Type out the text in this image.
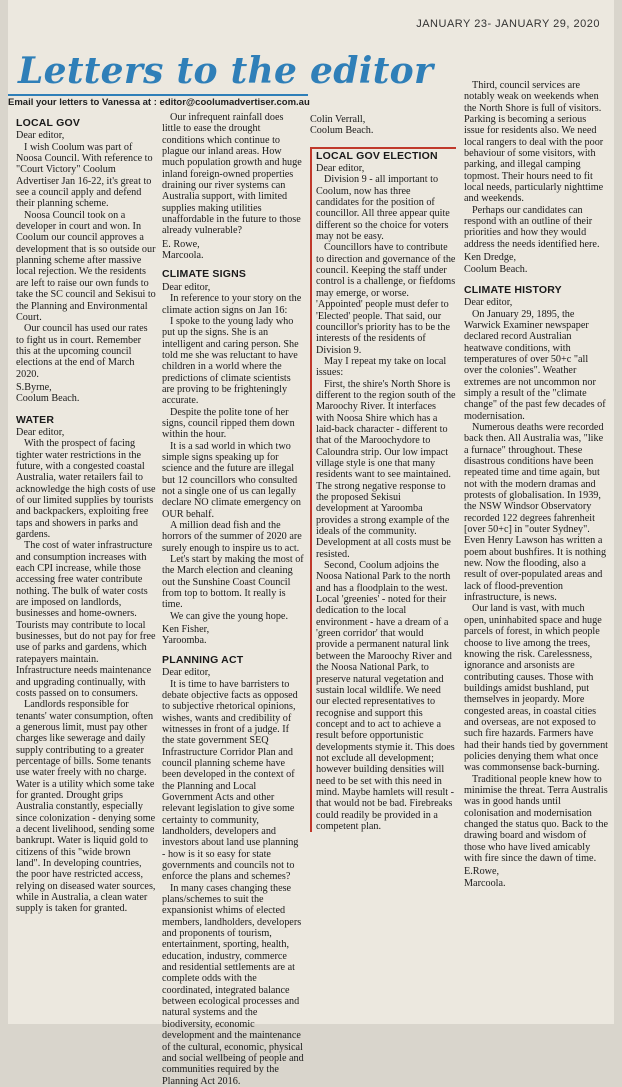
JANUARY 23- JANUARY 29, 2020
Letters to the editor
Email your letters to Vanessa at : editor@coolumadvertiser.com.au
LOCAL GOV

Dear editor,

I wish Coolum was part of Noosa Council. With reference to "Court Victory" Coolum Advertiser Jan 16-22, it's great to see a council apply and defend their planning scheme.

Noosa Council took on a developer in court and won. In Coolum our council approves a development that is so outside our planning scheme after massive local rejection. We the residents are left to raise our own funds to take the SC council and Sekisui to the Planning and Environmental Court.

Our council has used our rates to fight us in court. Remember this at the upcoming council elections at the end of March 2020.

S.Byrne,

Coolum Beach.

WATER

Dear editor,

With the prospect of facing tighter water restrictions in the future, with a congested coastal Australia, water retailers fail to acknowledge the high costs of use of our limited supplies by tourists and backpackers, exploiting free taps and showers in parks and gardens.

The cost of water infrastructure and consumption increases with each CPI increase, while those accessing free water contribute nothing. The bulk of water costs are imposed on landlords, businesses and home-owners. Tourists may contribute to local businesses, but do not pay for free use of parks and gardens, which ratepayers maintain. Infrastructure needs maintenance and upgrading continually, with costs passed on to consumers.

Landlords responsible for tenants' water consumption, often a generous limit, must pay other charges like sewerage and daily supply contributing to a greater percentage of bills. Some tenants use water freely with no charge. Water is a utility which some take for granted. Drought grips Australia constantly, especially since colonization - denying some a decent livelihood, sending some bankrupt. Water is liquid gold to citizens of this "wide brown land". In developing countries, the poor have restricted access, relying on diseased water sources, while in Australia, a clean water supply is taken for granted.

Our infrequent rainfall does little to ease the drought conditions which continue to plague our inland areas. How much population growth and huge inland foreign-owned properties draining our river systems can Australia support, with limited supplies making utilities unaffordable in the future to those already vulnerable?

E. Rowe,

Marcoola.

CLIMATE SIGNS

Dear editor,

In reference to your story on the climate action signs on Jan 16:

I spoke to the young lady who put up the signs. She is an intelligent and caring person. She told me she was reluctant to have children in a world where the predictions of climate scientists are proving to be frighteningly accurate.

Despite the polite tone of her signs, council ripped them down within the hour.

It is a sad world in which two simple signs speaking up for science and the future are illegal but 12 councillors who consulted not a single one of us can legally declare NO climate emergency on OUR behalf.

A million dead fish and the horrors of the summer of 2020 are surely enough to inspire us to act.

Let's start by making the most of the March election and cleaning out the Sunshine Coast Council from top to bottom. It really is time.

We can give the young hope.

Ken Fisher,

Yaroomba.

PLANNING ACT

Dear editor,

It is time to have barristers to debate objective facts as opposed to subjective rhetorical opinions, wishes, wants and credibility of witnesses in front of a judge. If the state government SEQ Infrastructure Corridor Plan and council planning scheme have been developed in the context of the Planning and Local Government Acts and other relevant legislation to give some certainty to community, landholders, developers and investors about land use planning - how is it so easy for state governments and councils not to enforce the plans and schemes?

In many cases changing these plans/schemes to suit the expansionist whims of elected members, landholders, developers and proponents of tourism, entertainment, sporting, health, education, industry, commerce and residential settlements are at complete odds with the coordinated, integrated balance between ecological processes and natural systems and the biodiversity, economic development and the maintenance of the cultural, economic, physical and social wellbeing of people and communities required by the Planning Act 2016.

Colin Verrall,

Coolum Beach.

LOCAL GOV ELECTION

Dear editor,

Division 9 - all important to Coolum, now has three candidates for the position of councillor. All three appear quite different so the choice for voters may not be easy.

Councillors have to contribute to direction and governance of the council. Keeping the staff under control is a challenge, or fiefdoms may emerge, or worse. 'Appointed' people must defer to 'Elected' people. That said, our councillor's priority has to be the interests of the residents of Division 9.

May I repeat my take on local issues:

First, the shire's North Shore is different to the region south of the Maroochy River. It interfaces with Noosa Shire which has a laid-back character - different to that of the Maroochydore to Caloundra strip. Our low impact village style is one that many residents want to see maintained. The strong negative response to the proposed Sekisui development at Yaroomba provides a strong example of the ideals of the community. Development at all costs must be resisted.

Second, Coolum adjoins the Noosa National Park to the north and has a floodplain to the west. Local 'greenies' - noted for their dedication to the local environment - have a dream of a 'green corridor' that would provide a permanent natural link between the Maroochy River and the Noosa National Park, to preserve natural vegetation and sustain local wildlife. We need our elected representatives to recognise and support this concept and to act to achieve a result before opportunistic developments stymie it. This does not exclude all development; however building densities will need to be set with this need in mind. Maybe hamlets will result - that would not be bad. Firebreaks could readily be provided in a competent plan.

Third, council services are notably weak on weekends when the North Shore is full of visitors. Parking is becoming a serious issue for residents also. We need local rangers to deal with the poor behaviour of some visitors, with parking, and illegal camping topmost. Their hours need to fit local needs, particularly nighttime and weekends.

Perhaps our candidates can respond with an outline of their priorities and how they would address the needs identified here.

Ken Dredge,

Coolum Beach.

CLIMATE HISTORY

Dear editor,

On January 29, 1895, the Warwick Examiner newspaper declared record Australian heatwave conditions, with temperatures of over 50+c "all over the colonies". Weather extremes are not uncommon nor simply a result of the "climate change" of the past few decades of modernisation.

Numerous deaths were recorded back then. All Australia was, "like a furnace" throughout. These disastrous conditions have been repeated time and time again, but not with the modern dramas and protests of globalisation. In 1939, the NSW Windsor Observatory recorded 122 degrees fahrenheit [over 50+c] in "outer Sydney". Even Henry Lawson has written a poem about bushfires. It is nothing new. Now the flooding, also a result of over-populated areas and lack of flood-prevention infrastructure, is news.

Our land is vast, with much open, uninhabited space and huge parcels of forest, in which people choose to live among the trees, knowing the risk. Carelessness, ignorance and arsonists are contributing causes. Those with buildings amidst bushland, put themselves in jeopardy. More congested areas, in coastal cities and overseas, are not exposed to such fire hazards. Farmers have had their hands tied by government policies denying them what once was commonsense back-burning.

Traditional people knew how to minimise the threat. Terra Australis was in good hands until colonisation and modernisation changed the status quo. Back to the drawing board and wisdom of those who have lived amicably with fire since the dawn of time.

E.Rowe,

Marcoola.
